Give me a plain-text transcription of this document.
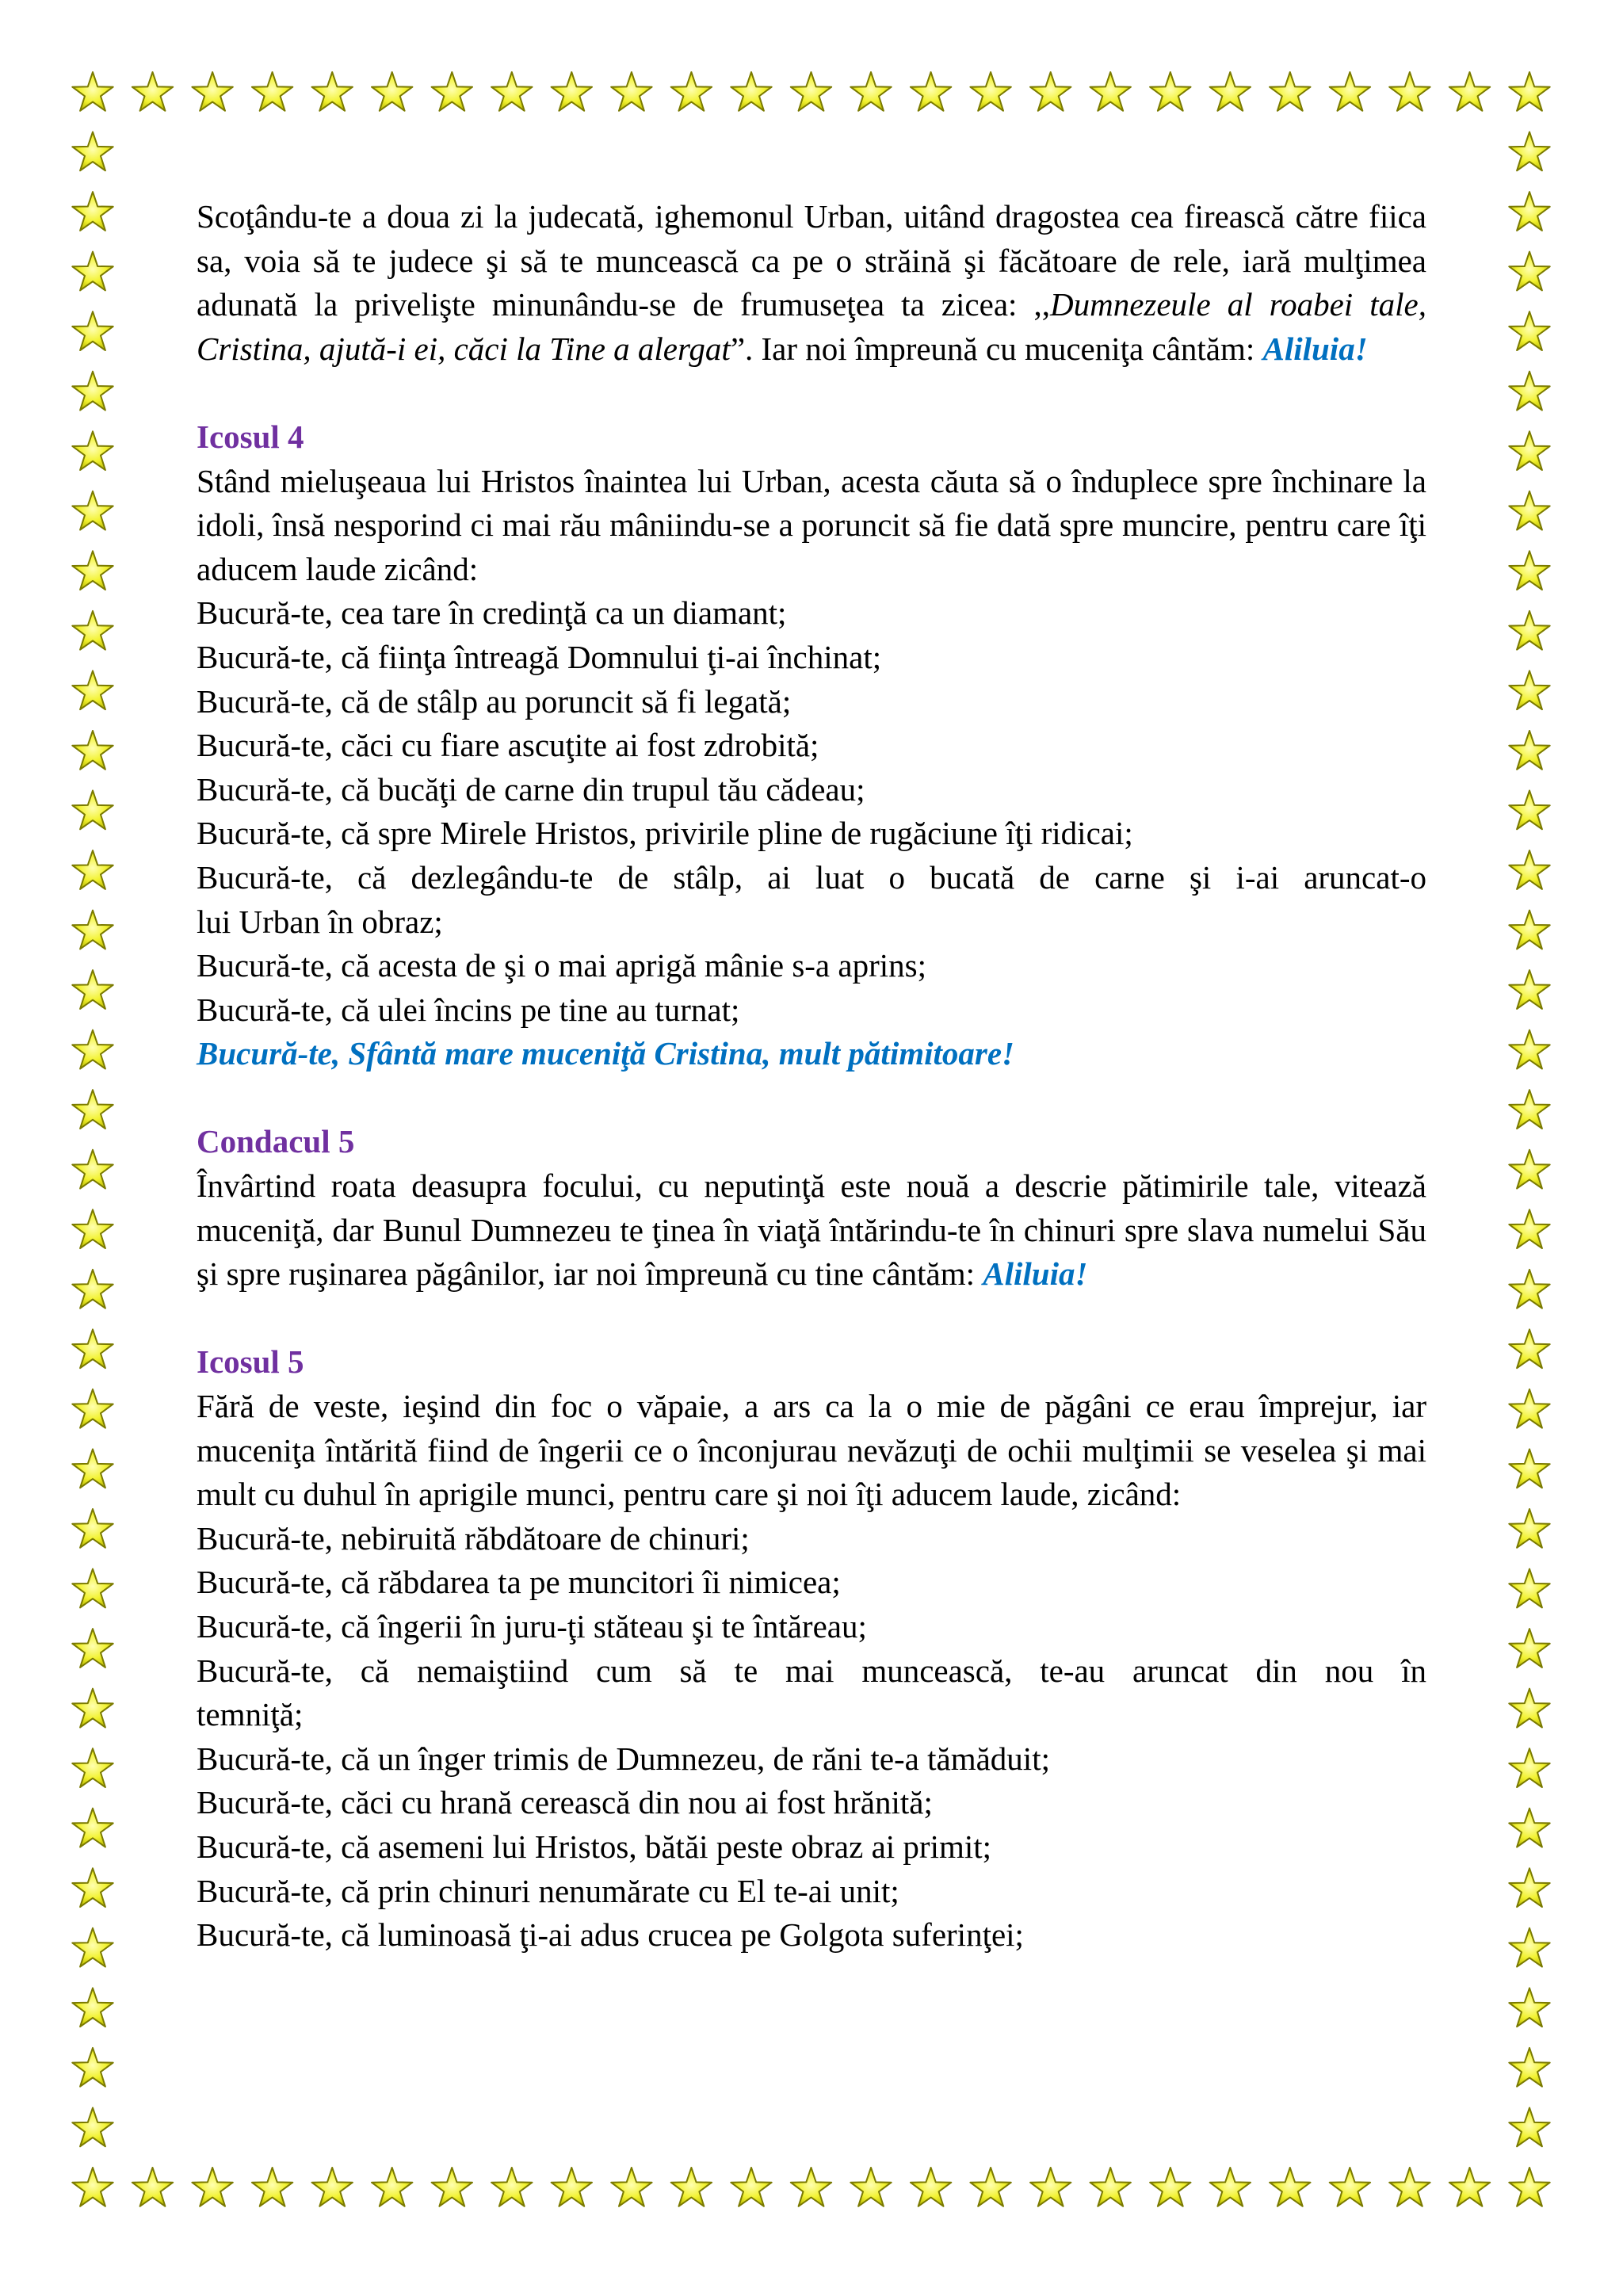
Scoţându-te a doua zi la judecată, ighemonul Urban, uitând dragostea cea firească către fiica sa, voia să te judece şi să te muncească ca pe o străină şi făcătoare de rele, iară mulţimea adunată la privelişte minunându-se de frumuseţea ta zicea: ,,Dumnezeule al roabei tale, Cristina, ajută-i ei, căci la Tine a alergat”. Iar noi împreună cu muceniţa cântăm: Aliluia!

Icosul 4

Stând mieluşeaua lui Hristos înaintea lui Urban, acesta căuta să o înduplece spre închinare la idoli, însă nesporind ci mai rău mâniindu-se a poruncit să fie dată spre muncire, pentru care îţi aducem laude zicând:

Bucură-te, cea tare în credinţă ca un diamant;

Bucură-te, că fiinţa întreagă Domnului ţi-ai închinat;

Bucură-te, că de stâlp au poruncit să fi legată;

Bucură-te, căci cu fiare ascuţite ai fost zdrobită;

Bucură-te, că bucăţi de carne din trupul tău cădeau;

Bucură-te, că spre Mirele Hristos, privirile pline de rugăciune îţi ridicai;

Bucură-te, că dezlegându-te de stâlp, ai luat o bucată de carne şi i-ai aruncat-o

lui Urban în obraz;

Bucură-te, că acesta de şi o mai aprigă mânie s-a aprins;

Bucură-te, că ulei încins pe tine au turnat;

Bucură-te, Sfântă mare muceniţă Cristina, mult pătimitoare!

Condacul 5

Învârtind roata deasupra focului, cu neputinţă este nouă a descrie pătimirile tale, vitează muceniţă, dar Bunul Dumnezeu te ţinea în viaţă întărindu-te în chinuri spre slava numelui Său şi spre ruşinarea păgânilor, iar noi împreună cu tine cântăm: Aliluia!

Icosul 5

Fără de veste, ieşind din foc o văpaie, a ars ca la o mie de păgâni ce erau împrejur, iar muceniţa întărită fiind de îngerii ce o înconjurau nevăzuţi de ochii mulţimii se veselea şi mai mult cu duhul în aprigile munci, pentru care şi noi îţi aducem laude, zicând:

Bucură-te, nebiruită răbdătoare de chinuri;

Bucură-te, că răbdarea ta pe muncitori îi nimicea;

Bucură-te, că îngerii în juru-ţi stăteau şi te întăreau;

Bucură-te, că nemaiştiind cum să te mai muncească, te-au aruncat din nou în

temniţă;

Bucură-te, că un înger trimis de Dumnezeu, de răni te-a tămăduit;

Bucură-te, căci cu hrană cerească din nou ai fost hrănită;

Bucură-te, că asemeni lui Hristos, bătăi peste obraz ai primit;

Bucură-te, că prin chinuri nenumărate cu El te-ai unit;

Bucură-te, că luminoasă ţi-ai adus crucea pe Golgota suferinţei;
